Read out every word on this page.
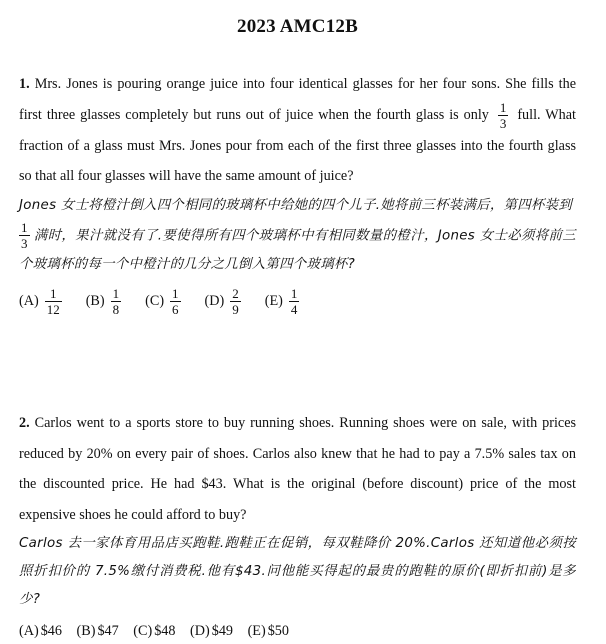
2023 AMC12B

1. Mrs. Jones is pouring orange juice into four identical glasses for her four sons. She fills the first three glasses completely but runs out of juice when the fourth glass is only $\frac{1}{3}$ full. What fraction of a glass must Mrs. Jones pour from each of the first three glasses into the fourth glass so that all four glasses will have the same amount of juice?

Jones 女士将橙汁倒入四个相同的玻璃杯中给她的四个儿子.她将前三杯装满后，第四杯装到

$\frac{1}{3}$ 满时，果汁就没有了.要使得所有四个玻璃杯中有相同数量的橙汁，Jones 女士必须将前三个玻璃杯的每一个中橙汁的几分之几倒入第四个玻璃杯?

$(A) \frac{1}{12} (B) \frac{1}{8} (C) \frac{1}{6} (D) \frac{2}{9} (E) \frac{1}{4}$

2. Carlos went to a sports store to buy running shoes. Running shoes were on sale, with prices reduced by 20% on every pair of shoes. Carlos also knew that he had to pay a 7.5% sales tax on the discounted price. He had $43. What is the original (before discount) price of the most expensive shoes he could afford to buy?

Carlos 去一家体育用品店买跑鞋.跑鞋正在促销，每双鞋降价 20%.Carlos 还知道他必须按照折扣价的 7.5%缴付消费税.他有$43.问他能买得起的最贵的跑鞋的原价(即折扣前)是多少?

(A) $46
(B) $47
(C) $48
(D) $49
(E) $50
